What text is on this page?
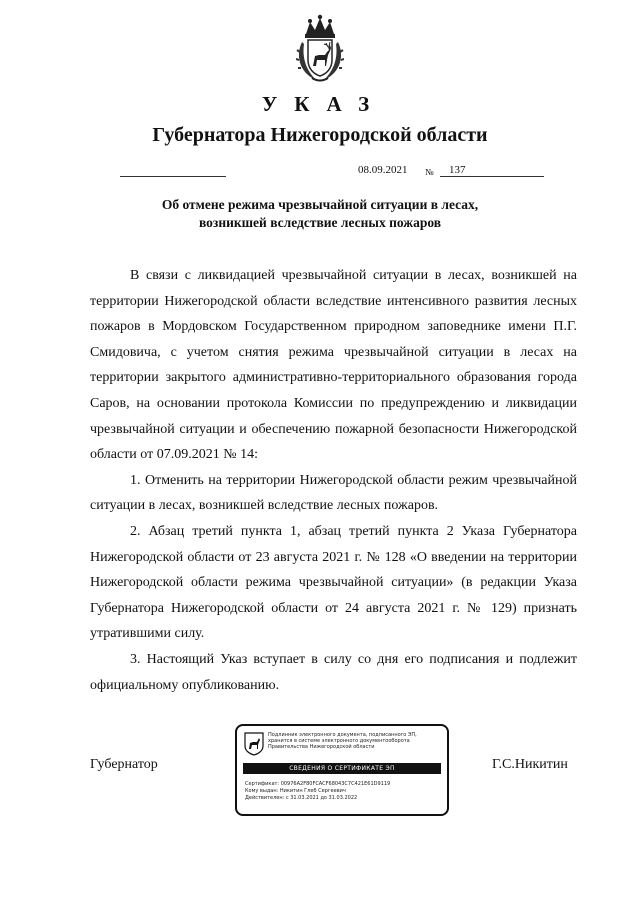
УКАЗ
Губернатора Нижегородской области
08.09.2021 № 137
Об отмене режима чрезвычайной ситуации в лесах,
возникшей вследствие лесных пожаров

В связи с ликвидацией чрезвычайной ситуации в лесах, возникшей на территории Нижегородской области вследствие интенсивного развития лесных пожаров в Мордовском Государственном природном заповеднике имени П.Г. Смидовича, с учетом снятия режима чрезвычайной ситуации в лесах на территории закрытого административно-территориального образования города Саров, на основании протокола Комиссии по предупреждению и ликвидации чрезвычайной ситуации и обеспечению пожарной безопасности Нижегородской области от 07.09.2021 № 14:

1. Отменить на территории Нижегородской области режим чрезвычайной ситуации в лесах, возникшей вследствие лесных пожаров.

2. Абзац третий пункта 1, абзац третий пункта 2 Указа Губернатора Нижегородской области от 23 августа 2021 г. № 128 «О введении на территории Нижегородской области режима чрезвычайной ситуации» (в редакции Указа Губернатора Нижегородской области от 24 августа 2021 г. № 129) признать утратившими силу.

3. Настоящий Указ вступает в силу со дня его подписания и подлежит официальному опубликованию.

Губернатор	Г.С.Никитин
Подлинник электронного документа, подписанного ЭП,
хранится в системе электронного документооборота
Правительства Нижегородской области
СВЕДЕНИЯ О СЕРТИФИКАТЕ ЭП
Сертификат: 00976A2F80FCACF68043C7C421E61D9119
Кому выдан: Никитин Глеб Сергеевич
Действителен: с 31.03.2021 до 31.03.2022
